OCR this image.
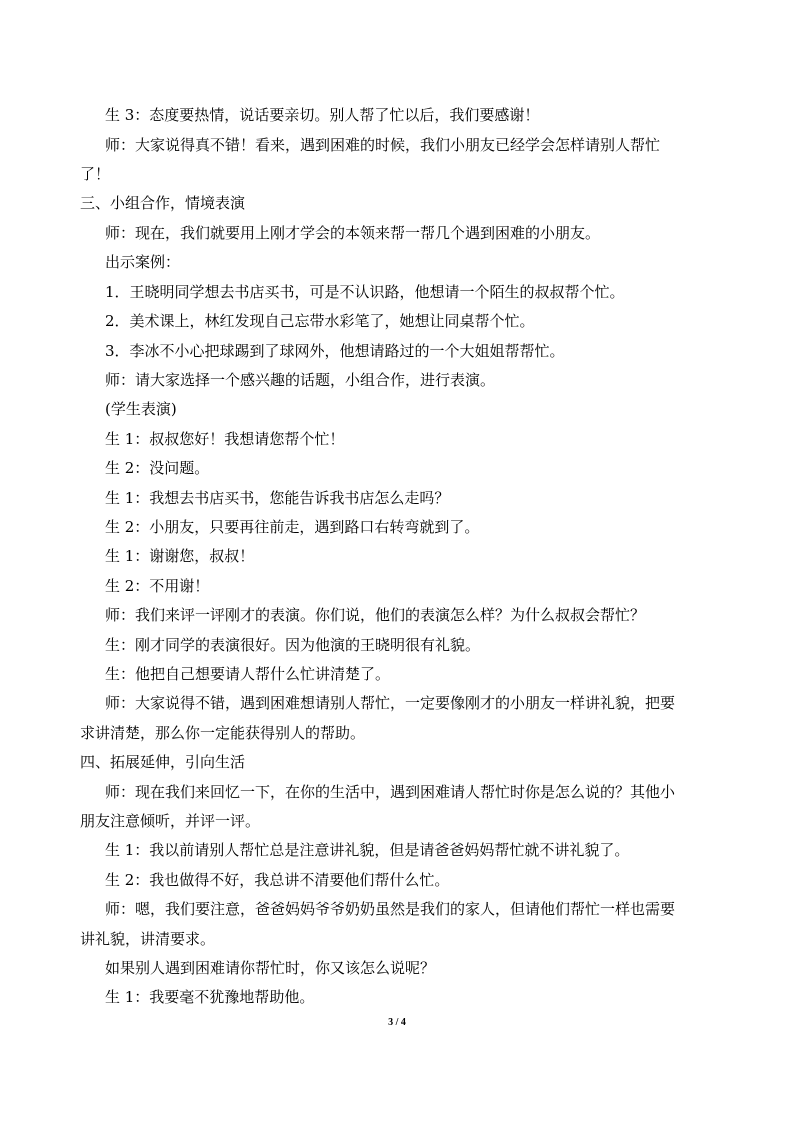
生 3：态度要热情，说话要亲切。别人帮了忙以后，我们要感谢！
师：大家说得真不错！看来，遇到困难的时候，我们小朋友已经学会怎样请别人帮忙
了！
三、小组合作，情境表演
师：现在，我们就要用上刚才学会的本领来帮一帮几个遇到困难的小朋友。
出示案例：
1．王晓明同学想去书店买书，可是不认识路，他想请一个陌生的叔叔帮个忙。
2．美术课上，林红发现自己忘带水彩笔了，她想让同桌帮个忙。
3．李冰不小心把球踢到了球网外，他想请路过的一个大姐姐帮帮忙。
师：请大家选择一个感兴趣的话题，小组合作，进行表演。
(学生表演)
生 1：叔叔您好！我想请您帮个忙！
生 2：没问题。
生 1：我想去书店买书，您能告诉我书店怎么走吗？
生 2：小朋友，只要再往前走，遇到路口右转弯就到了。
生 1：谢谢您，叔叔！
生 2：不用谢！
师：我们来评一评刚才的表演。你们说，他们的表演怎么样？为什么叔叔会帮忙？
生：刚才同学的表演很好。因为他演的王晓明很有礼貌。
生：他把自己想要请人帮什么忙讲清楚了。
师：大家说得不错，遇到困难想请别人帮忙，一定要像刚才的小朋友一样讲礼貌，把要
求讲清楚，那么你一定能获得别人的帮助。
四、拓展延伸，引向生活
师：现在我们来回忆一下，在你的生活中，遇到困难请人帮忙时你是怎么说的？其他小
朋友注意倾听，并评一评。
生 1：我以前请别人帮忙总是注意讲礼貌，但是请爸爸妈妈帮忙就不讲礼貌了。
生 2：我也做得不好，我总讲不清要他们帮什么忙。
师：嗯，我们要注意，爸爸妈妈爷爷奶奶虽然是我们的家人，但请他们帮忙一样也需要
讲礼貌，讲清要求。
如果别人遇到困难请你帮忙时，你又该怎么说呢？
生 1：我要毫不犹豫地帮助他。
3 / 4
